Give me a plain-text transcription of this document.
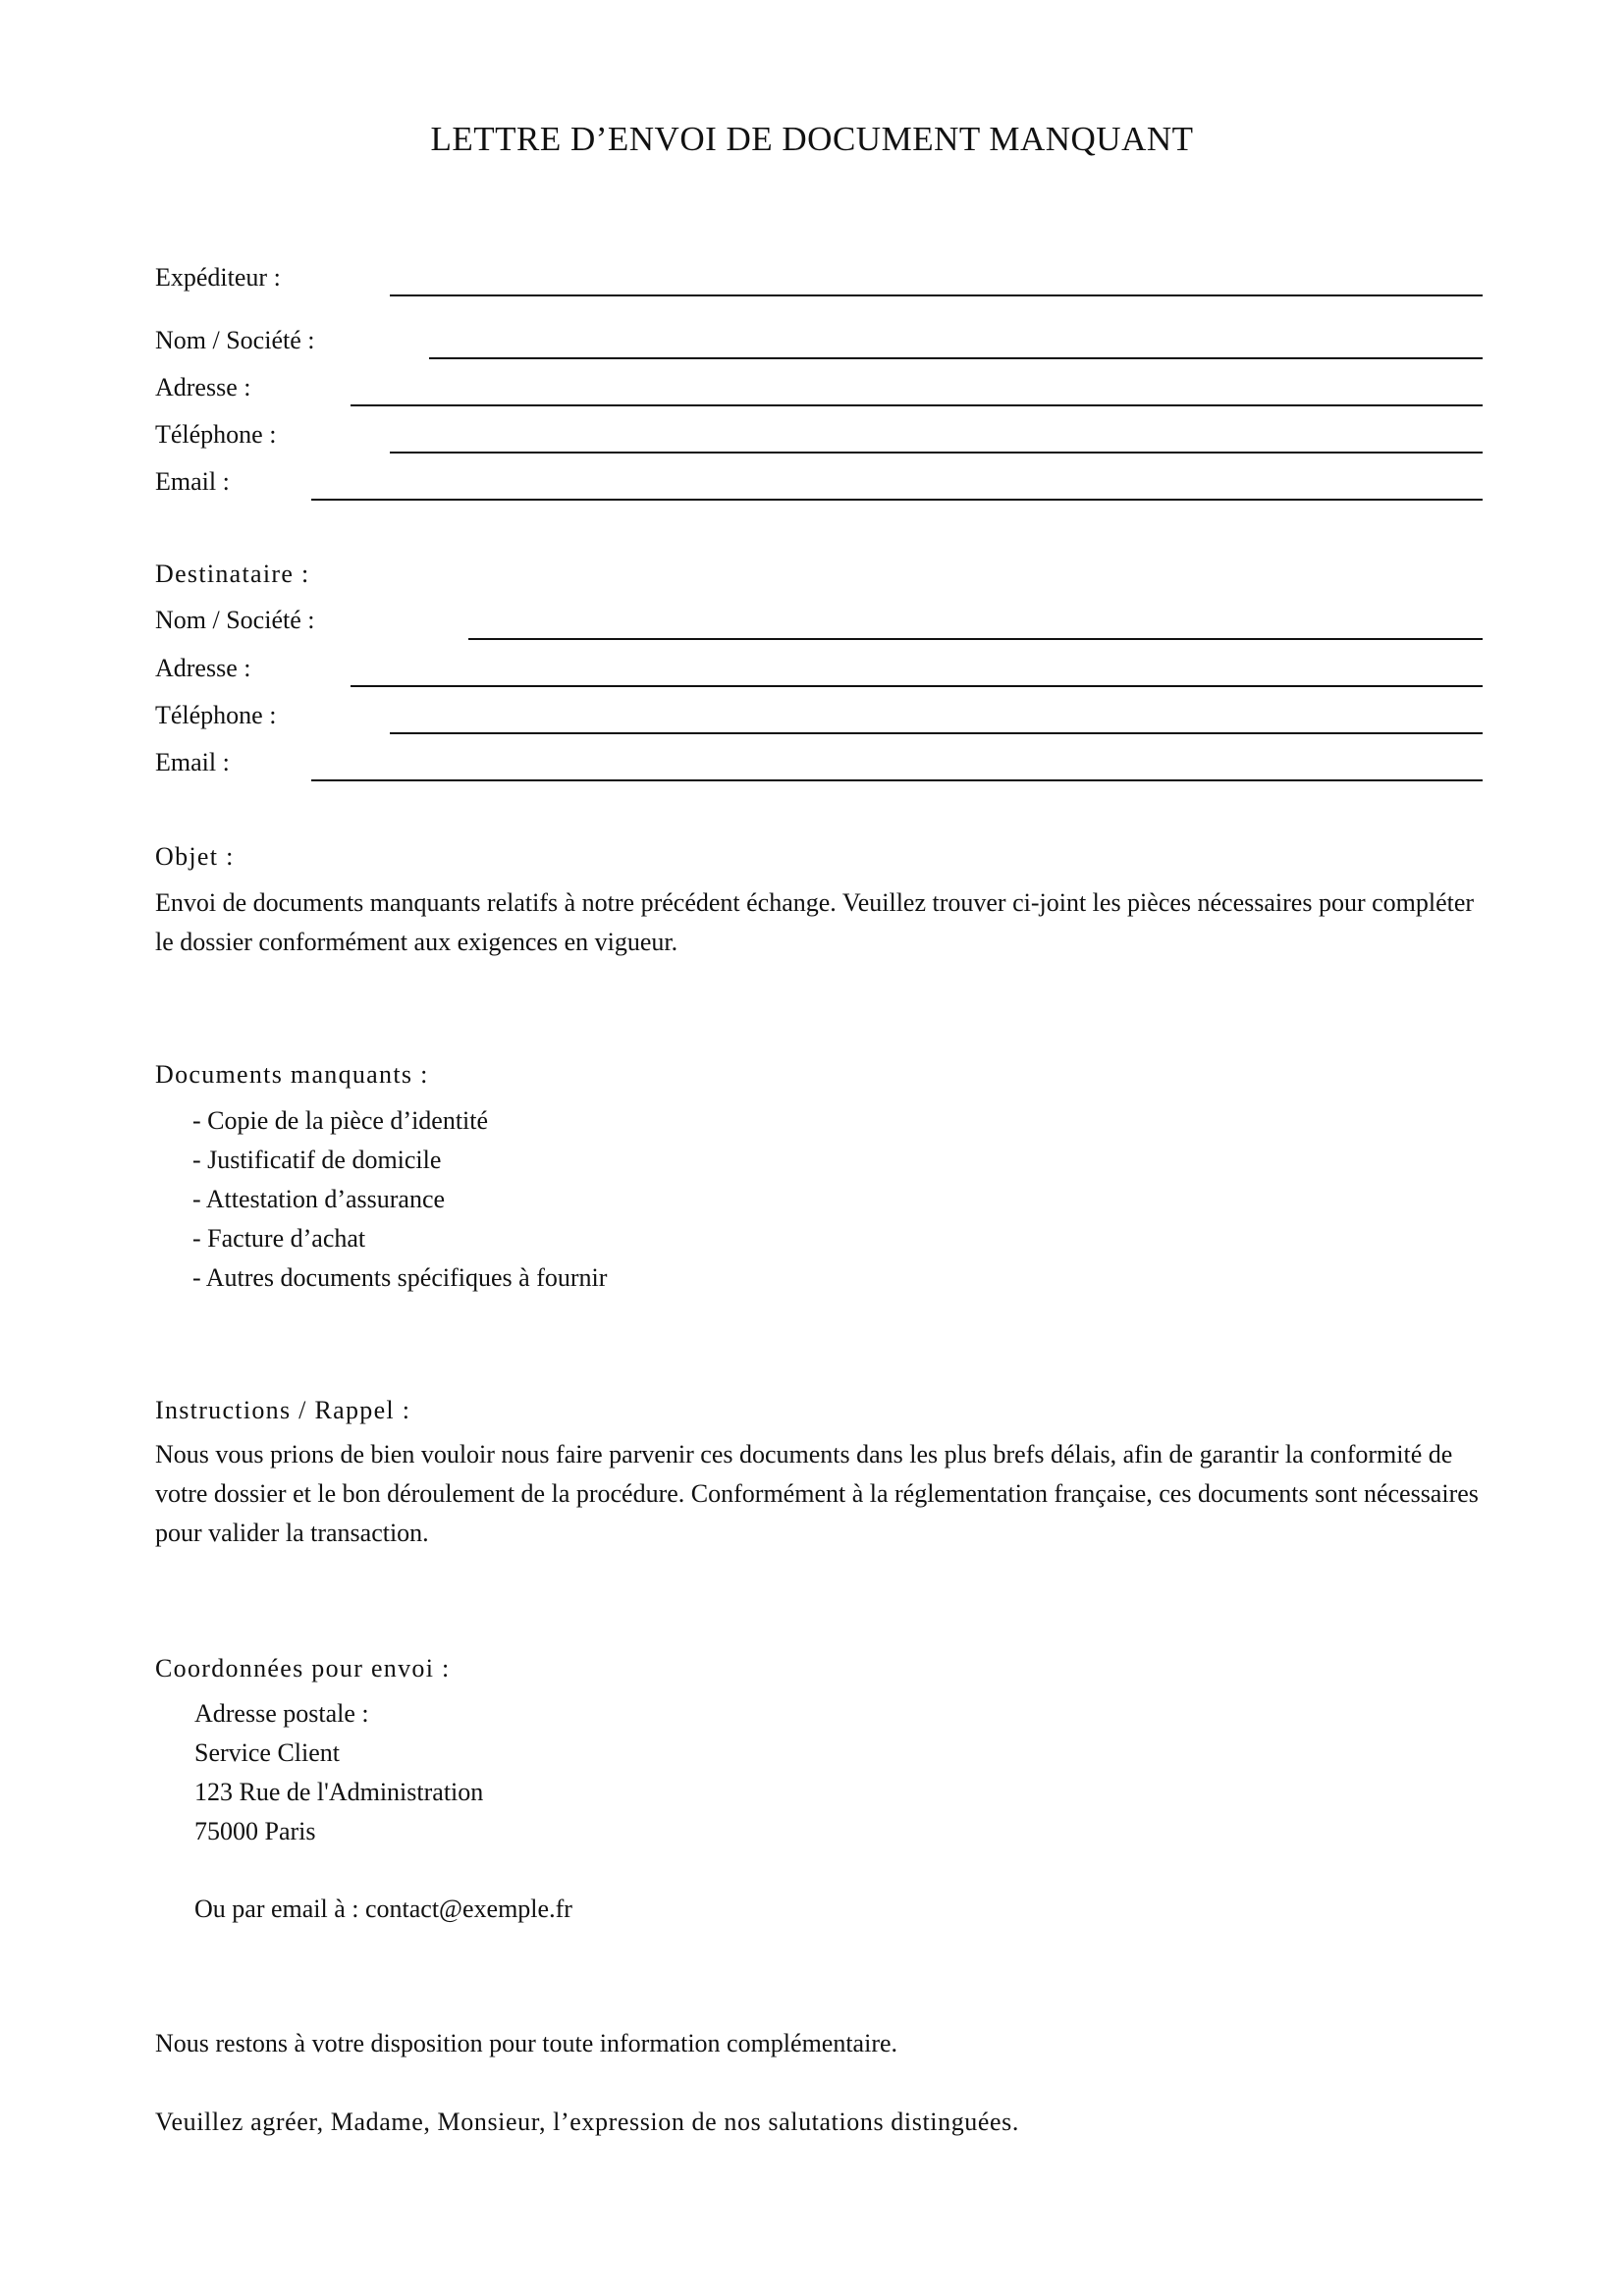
LETTRE D’ENVOI DE DOCUMENT MANQUANT
Expéditeur :
Nom / Société :
Adresse :
Téléphone :
Email :
Destinataire :
Nom / Société :
Adresse :
Téléphone :
Email :
Objet :

Envoi de documents manquants relatifs à notre précédent échange. Veuillez trouver ci-joint les pièces nécessaires pour compléter le dossier conformément aux exigences en vigueur.

Documents manquants :
- Copie de la pièce d’identité
- Justificatif de domicile
- Attestation d’assurance
- Facture d’achat
- Autres documents spécifiques à fournir
Instructions / Rappel :

Nous vous prions de bien vouloir nous faire parvenir ces documents dans les plus brefs délais, afin de garantir la conformité de votre dossier et le bon déroulement de la procédure. Conformément à la réglementation française, ces documents sont nécessaires pour valider la transaction.

Coordonnées pour envoi :
Adresse postale :
Service Client
123 Rue de l'Administration
75000 Paris
Ou par email à : contact@exemple.fr

Nous restons à votre disposition pour toute information complémentaire.

Veuillez agréer, Madame, Monsieur, l’expression de nos salutations distinguées.
